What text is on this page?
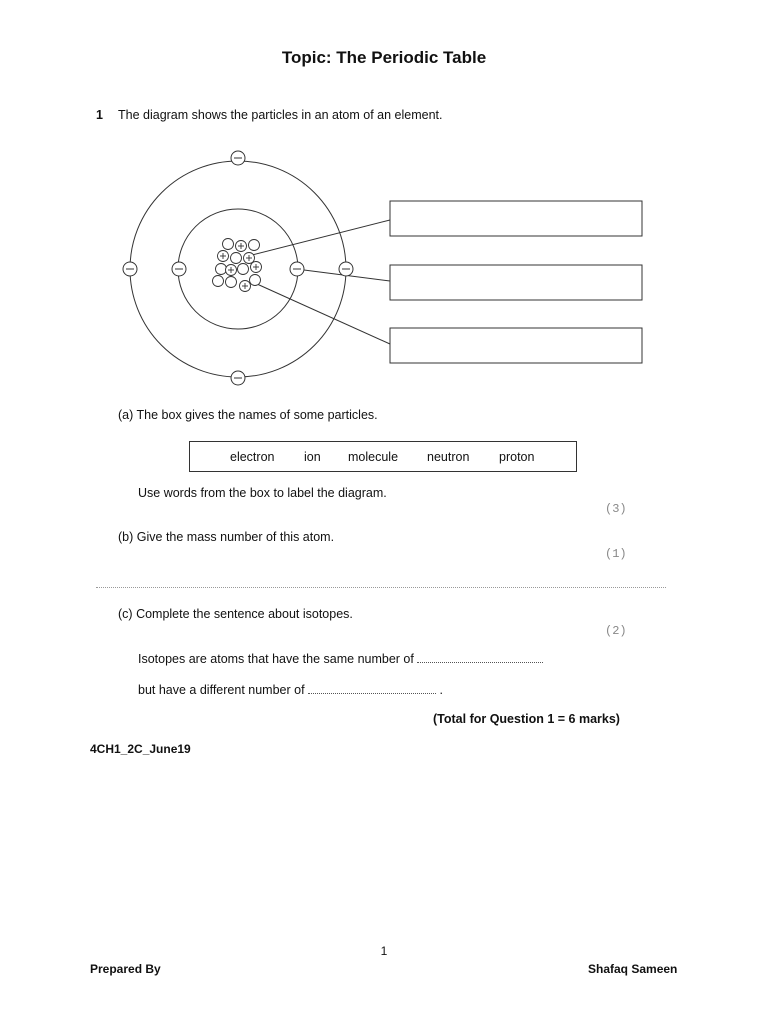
Topic: The Periodic Table
1 The diagram shows the particles in an atom of an element.
(a) The box gives the names of some particles.
electron ion molecule neutron proton
Use words from the box to label the diagram.
(3)
(b) Give the mass number of this atom.
(1)
(c) Complete the sentence about isotopes.
(2)
Isotopes are atoms that have the same number of
but have a different number of	.
(Total for Question 1 = 6 marks)
4CH1_2C_June19
1
Prepared By	Shafaq Sameen
